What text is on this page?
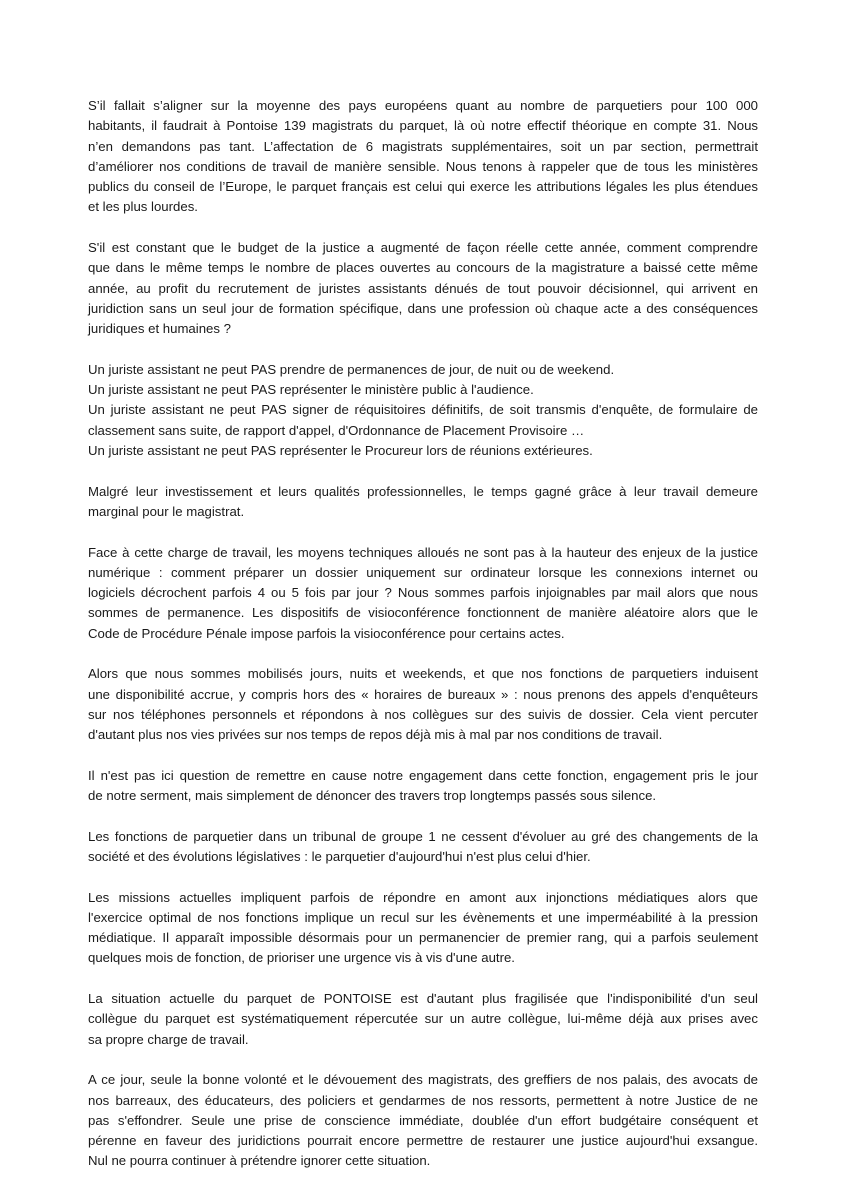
S’il fallait s’aligner sur la moyenne des pays européens quant au nombre de parquetiers pour 100 000
habitants, il faudrait à Pontoise 139 magistrats du parquet, là où notre effectif théorique en compte 31. Nous
n’en demandons pas tant. L’affectation de 6 magistrats supplémentaires, soit un par section, permettrait
d’améliorer nos conditions de travail de manière sensible. Nous tenons à rappeler que de tous les ministères
publics du conseil de l’Europe, le parquet français est celui qui exerce les attributions légales les plus étendues
et les plus lourdes.
S'il est constant que le budget de la justice a augmenté de façon réelle cette année, comment comprendre
que dans le même temps le nombre de places ouvertes au concours de la magistrature a baissé cette même
année, au profit du recrutement de juristes assistants dénués de tout pouvoir décisionnel, qui arrivent en
juridiction sans un seul jour de formation spécifique, dans une profession où chaque acte a des conséquences
juridiques et humaines ?
Un juriste assistant ne peut PAS prendre de permanences de jour, de nuit ou de weekend.
Un juriste assistant ne peut PAS représenter le ministère public à l'audience.
Un juriste assistant ne peut PAS signer de réquisitoires définitifs, de soit transmis d'enquête, de formulaire de
classement sans suite, de rapport d'appel, d'Ordonnance de Placement Provisoire …
Un juriste assistant ne peut PAS représenter le Procureur lors de réunions extérieures.
Malgré leur investissement et leurs qualités professionnelles, le temps gagné grâce à leur travail demeure
marginal pour le magistrat.
Face à cette charge de travail, les moyens techniques alloués ne sont pas à la hauteur des enjeux de la justice
numérique : comment préparer un dossier uniquement sur ordinateur lorsque les connexions internet ou
logiciels décrochent parfois 4 ou 5 fois par jour ? Nous sommes parfois injoignables par mail alors que nous
sommes de permanence. Les dispositifs de visioconférence fonctionnent de manière aléatoire alors que le
Code de Procédure Pénale impose parfois la visioconférence pour certains actes.
Alors que nous sommes mobilisés jours, nuits et weekends, et que nos fonctions de parquetiers induisent
une disponibilité accrue, y compris hors des « horaires de bureaux » : nous prenons des appels d'enquêteurs
sur nos téléphones personnels et répondons à nos collègues sur des suivis de dossier. Cela vient percuter
d'autant plus nos vies privées sur nos temps de repos déjà mis à mal par nos conditions de travail.
Il n'est pas ici question de remettre en cause notre engagement dans cette fonction, engagement pris le jour
de notre serment, mais simplement de dénoncer des travers trop longtemps passés sous silence.
Les fonctions de parquetier dans un tribunal de groupe 1 ne cessent d'évoluer au gré des changements de la
société et des évolutions législatives : le parquetier d'aujourd'hui n'est plus celui d'hier.
Les missions actuelles impliquent parfois de répondre en amont aux injonctions médiatiques alors que
l'exercice optimal de nos fonctions implique un recul sur les évènements et une imperméabilité à la pression
médiatique. Il apparaît impossible désormais pour un permanencier de premier rang, qui a parfois seulement
quelques mois de fonction, de prioriser une urgence vis à vis d'une autre.
La situation actuelle du parquet de PONTOISE est d'autant plus fragilisée que l'indisponibilité d'un seul
collègue du parquet est systématiquement répercutée sur un autre collègue, lui-même déjà aux prises avec
sa propre charge de travail.
A ce jour, seule la bonne volonté et le dévouement des magistrats, des greffiers de nos palais, des avocats de
nos barreaux, des éducateurs, des policiers et gendarmes de nos ressorts, permettent à notre Justice de ne
pas s'effondrer. Seule une prise de conscience immédiate, doublée d'un effort budgétaire conséquent et
pérenne en faveur des juridictions pourrait encore permettre de restaurer une justice aujourd'hui exsangue.
Nul ne pourra continuer à prétendre ignorer cette situation.
